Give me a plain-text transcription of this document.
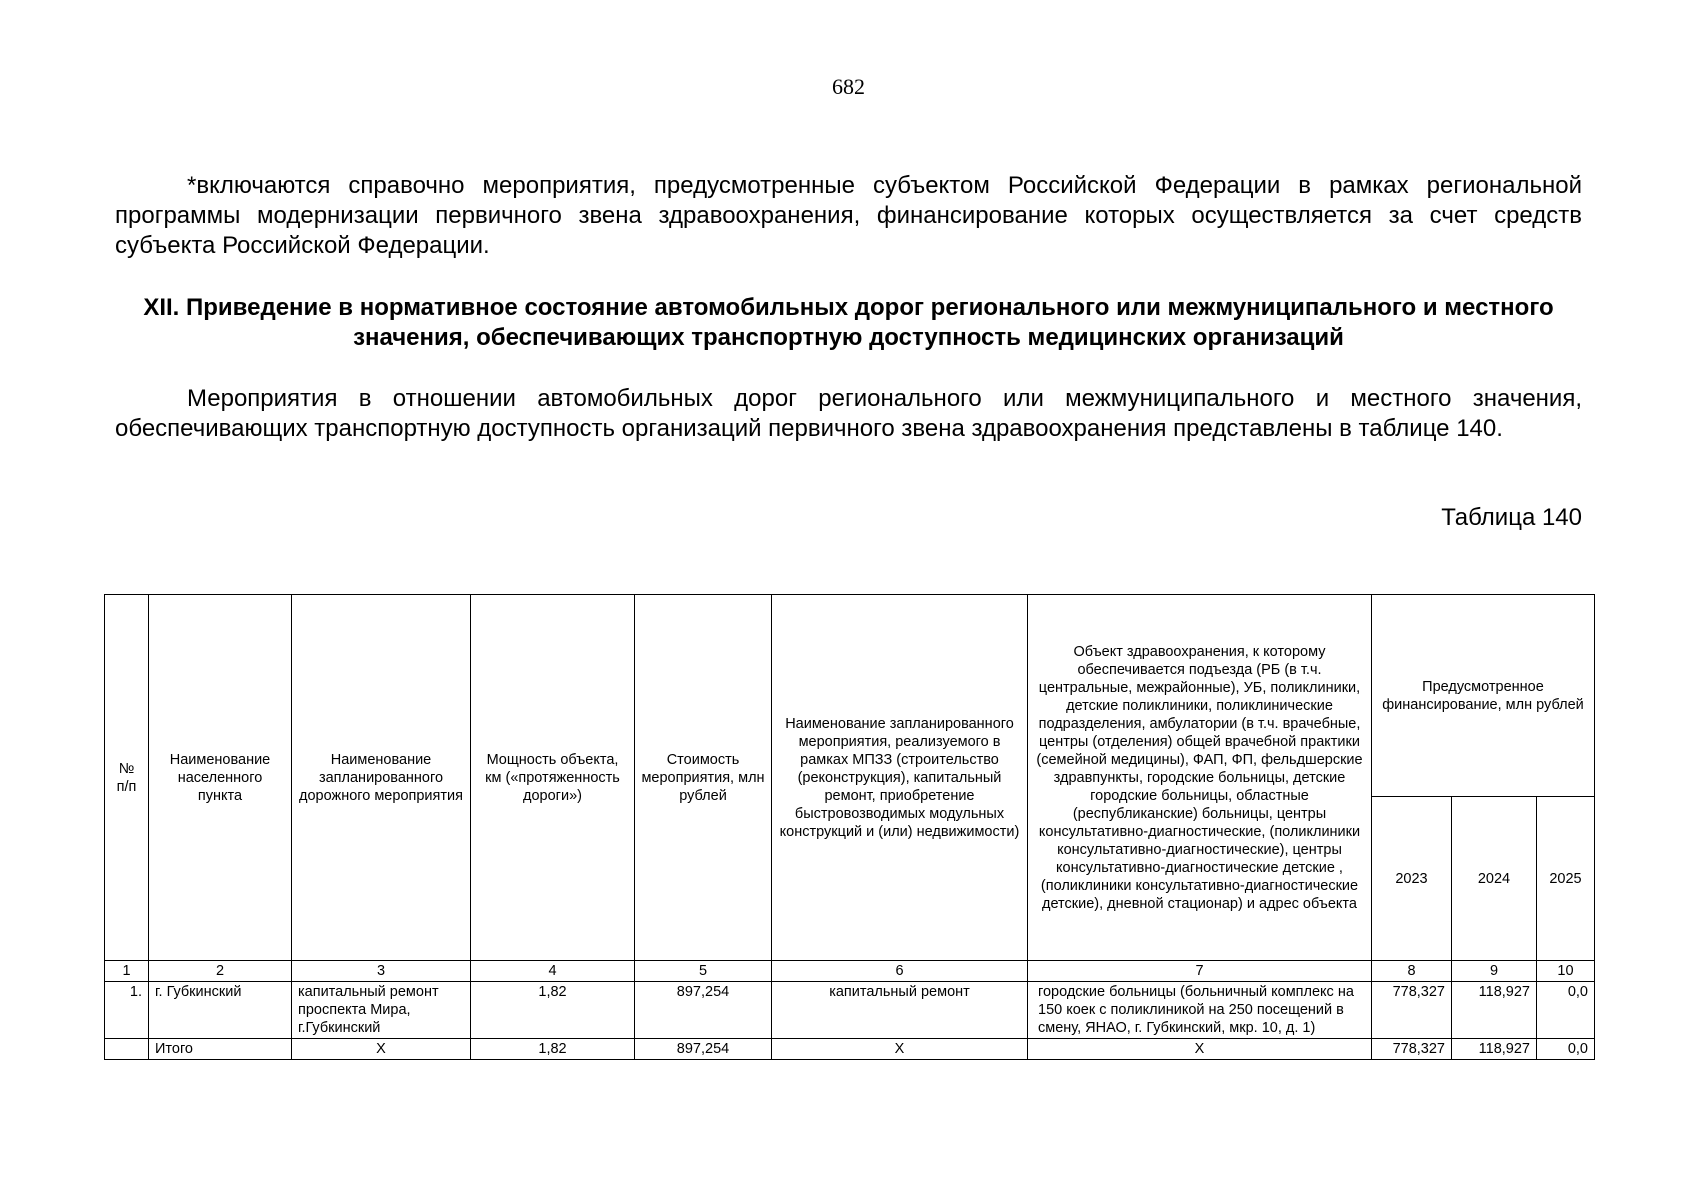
682

*включаются справочно мероприятия, предусмотренные субъектом Российской Федерации в рамках региональной программы модернизации первичного звена здравоохранения, финансирование которых осуществляется за счет средств субъекта Российской Федерации.

XII. Приведение в нормативное состояние автомобильных дорог регионального или межмуниципального и местного значения, обеспечивающих транспортную доступность медицинских организаций

Мероприятия в отношении автомобильных дорог регионального или межмуниципального и местного значения, обеспечивающих транспортную доступность организаций первичного звена здравоохранения представлены в таблице 140.

Таблица 140
№ п/п	Наименование населенного пункта	Наименование запланированного дорожного мероприятия	Мощность объекта, км («протяженность дороги»)	Стоимость мероприятия, млн рублей	Наименование запланированного мероприятия, реализуемого в рамках МПЗЗ (строительство (реконструкция), капитальный ремонт, приобретение быстровозводимых модульных конструкций и (или) недвижимости)	Объект здравоохранения, к которому обеспечивается подъезда (РБ (в т.ч. центральные, межрайонные), УБ, поликлиники, детские поликлиники, поликлинические подразделения, амбулатории (в т.ч. врачебные, центры (отделения) общей врачебной практики (семейной медицины), ФАП, ФП, фельдшерские здравпункты, городские больницы, детские городские больницы, областные (республиканские) больницы, центры консультативно-диагностические, (поликлиники консультативно-диагностические), центры консультативно-диагностические детские , (поликлиники консультативно-диагностические детские), дневной стационар) и адрес объекта	Предусмотренное финансирование, млн рублей		
							2023	2024	2025
1	2	3	4	5	6	7	8	9	10
1.	г. Губкинский	капитальный ремонт проспекта Мира, г.Губкинский	1,82	897,254	капитальный ремонт	городские больницы (больничный комплекс на 150 коек с поликлиникой на 250 посещений в смену, ЯНАО, г. Губкинский, мкр. 10, д. 1)	778,327	118,927	0,0
	Итого	Х	1,82	897,254	Х	Х	778,327	118,927	0,0
